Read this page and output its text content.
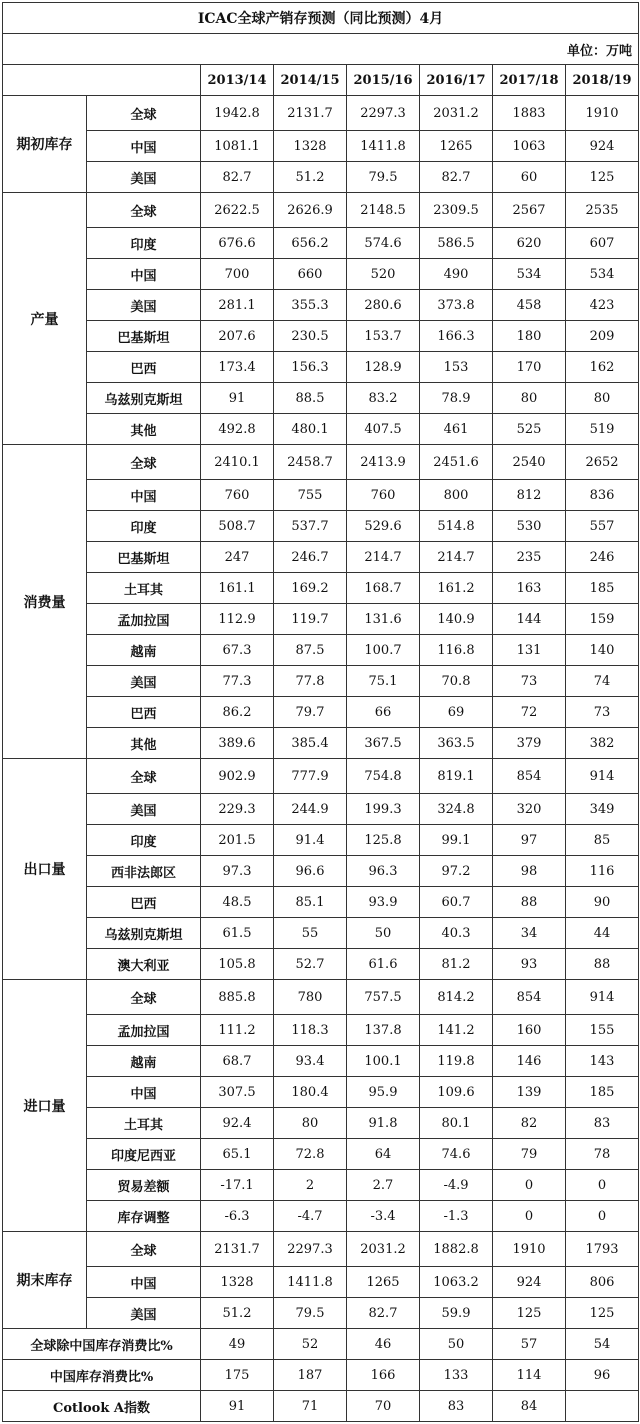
ICAC全球产销存预测（同比预测）4月							
单位：万吨							
		2013/14	2014/15	2015/16	2016/17	2017/18	2018/19
期初库存	全球	1942.8	2131.7	2297.3	2031.2	1883	1910
	中国	1081.1	1328	1411.8	1265	1063	924
	美国	82.7	51.2	79.5	82.7	60	125
产量	全球	2622.5	2626.9	2148.5	2309.5	2567	2535
	印度	676.6	656.2	574.6	586.5	620	607
	中国	700	660	520	490	534	534
	美国	281.1	355.3	280.6	373.8	458	423
	巴基斯坦	207.6	230.5	153.7	166.3	180	209
	巴西	173.4	156.3	128.9	153	170	162
	乌兹别克斯坦	91	88.5	83.2	78.9	80	80
	其他	492.8	480.1	407.5	461	525	519
消费量	全球	2410.1	2458.7	2413.9	2451.6	2540	2652
	中国	760	755	760	800	812	836
	印度	508.7	537.7	529.6	514.8	530	557
	巴基斯坦	247	246.7	214.7	214.7	235	246
	土耳其	161.1	169.2	168.7	161.2	163	185
	孟加拉国	112.9	119.7	131.6	140.9	144	159
	越南	67.3	87.5	100.7	116.8	131	140
	美国	77.3	77.8	75.1	70.8	73	74
	巴西	86.2	79.7	66	69	72	73
	其他	389.6	385.4	367.5	363.5	379	382
出口量	全球	902.9	777.9	754.8	819.1	854	914
	美国	229.3	244.9	199.3	324.8	320	349
	印度	201.5	91.4	125.8	99.1	97	85
	西非法郎区	97.3	96.6	96.3	97.2	98	116
	巴西	48.5	85.1	93.9	60.7	88	90
	乌兹别克斯坦	61.5	55	50	40.3	34	44
	澳大利亚	105.8	52.7	61.6	81.2	93	88
进口量	全球	885.8	780	757.5	814.2	854	914
	孟加拉国	111.2	118.3	137.8	141.2	160	155
	越南	68.7	93.4	100.1	119.8	146	143
	中国	307.5	180.4	95.9	109.6	139	185
	土耳其	92.4	80	91.8	80.1	82	83
	印度尼西亚	65.1	72.8	64	74.6	79	78
	贸易差额	-17.1	2	2.7	-4.9	0	0
	库存调整	-6.3	-4.7	-3.4	-1.3	0	0
期末库存	全球	2131.7	2297.3	2031.2	1882.8	1910	1793
	中国	1328	1411.8	1265	1063.2	924	806
	美国	51.2	79.5	82.7	59.9	125	125
全球除中国库存消费比%		49	52	46	50	57	54
中国库存消费比%		175	187	166	133	114	96
Cotlook A指数		91	71	70	83	84	
